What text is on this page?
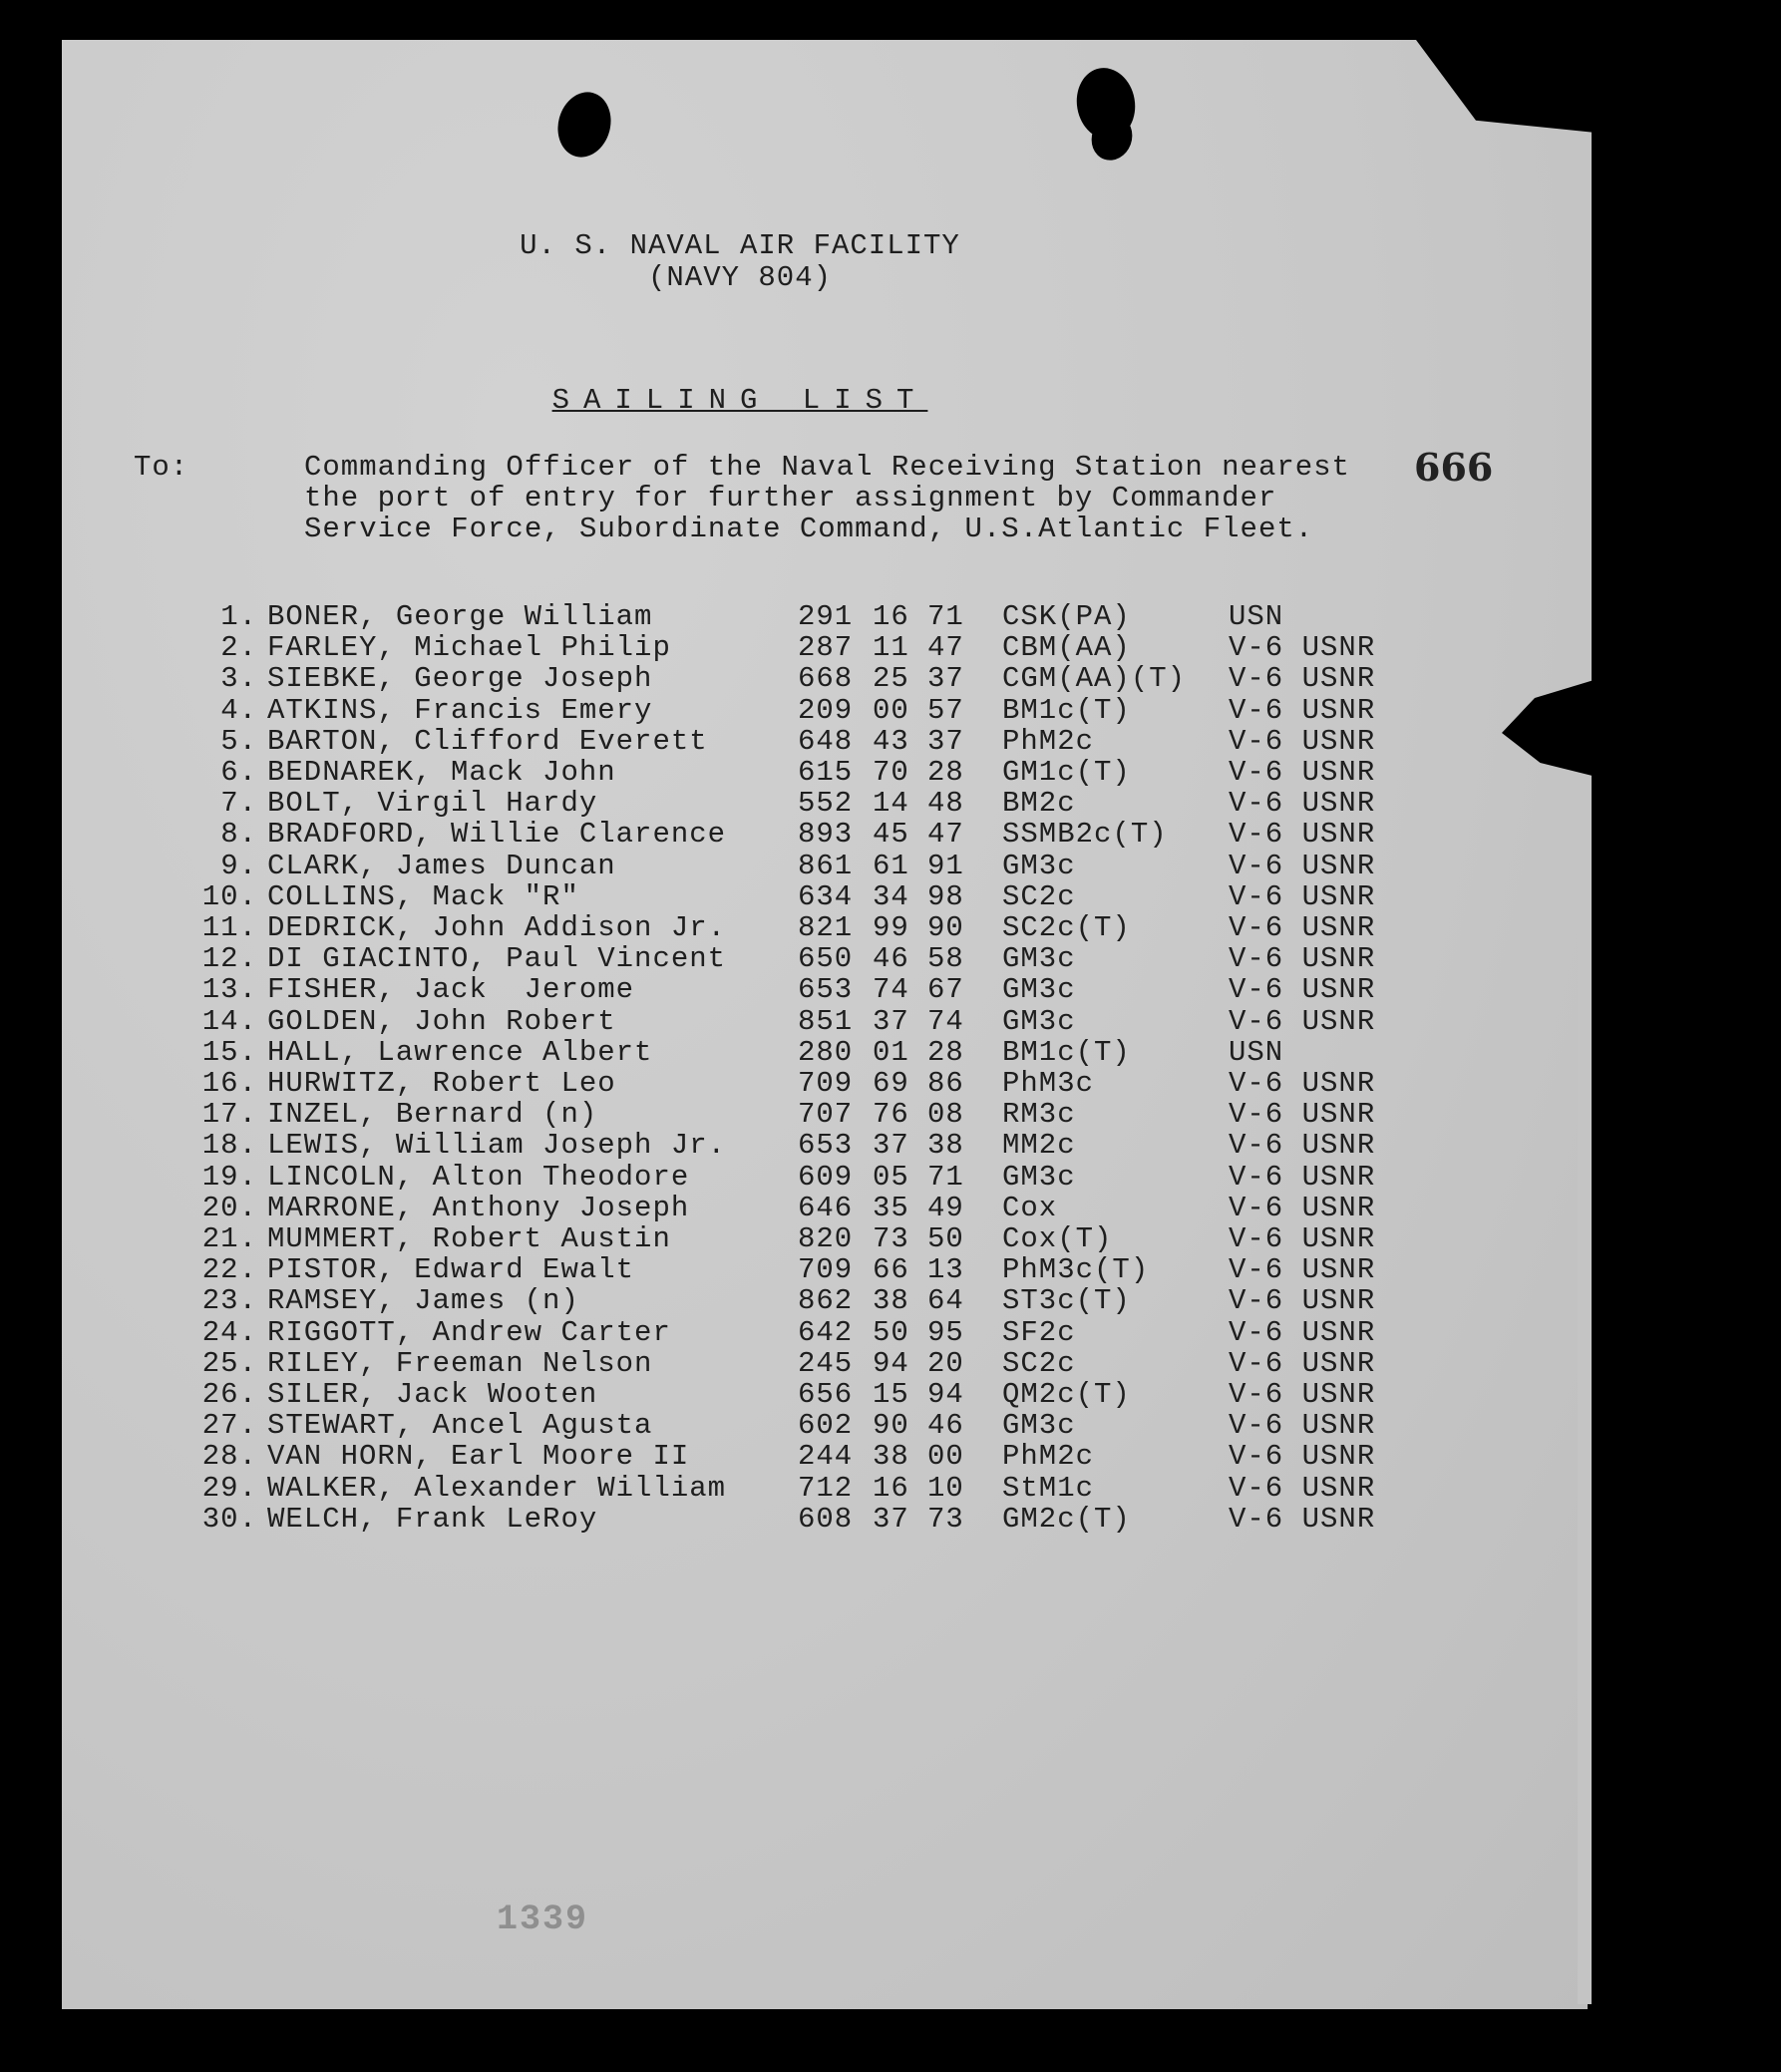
U. S. NAVAL AIR FACILITY
(NAVY 804)
SAILING LIST
666
To:	Commanding Officer of the Naval Receiving Station nearest
the port of entry for further assignment by Commander
Service Force, Subordinate Command, U.S.Atlantic Fleet.
1. BONER, George William	291 16 71 CSK(PA)	USN
2. FARLEY, Michael Philip	287 11 47 CBM(AA)	V-6 USNR
3. SIEBKE, George Joseph	668 25 37 CGM(AA)(T) V-6 USNR
4. ATKINS, Francis Emery	209 00 57 BM1c(T)	V-6 USNR
5. BARTON, Clifford Everett	648 43 37 PhM2c	V-6 USNR
6. BEDNAREK, Mack John	615 70 28 GM1c(T)	V-6 USNR
7. BOLT, Virgil Hardy	552 14 48 BM2c	V-6 USNR
8. BRADFORD, Willie Clarence 893 45 47 SSMB2c(T) V-6 USNR
9. CLARK, James Duncan	861 61 91 GM3c	V-6 USNR
10. COLLINS, Mack "R"	634 34 98 SC2c	V-6 USNR
11. DEDRICK, John Addison Jr. 821 99 90 SC2c(T)	V-6 USNR
12. DI GIACINTO, Paul Vincent 650 46 58 GM3c	V-6 USNR
13. FISHER, Jack  Jerome	653 74 67 GM3c	V-6 USNR
14. GOLDEN, John Robert	851 37 74 GM3c	V-6 USNR
15. HALL, Lawrence Albert	280 01 28 BM1c(T)	USN
16. HURWITZ, Robert Leo	709 69 86 PhM3c	V-6 USNR
17. INZEL, Bernard (n)	707 76 08 RM3c	V-6 USNR
18. LEWIS, William Joseph Jr. 653 37 38 MM2c	V-6 USNR
19. LINCOLN, Alton Theodore	609 05 71 GM3c	V-6 USNR
20. MARRONE, Anthony Joseph	646 35 49 Cox	V-6 USNR
21. MUMMERT, Robert Austin	820 73 50 Cox(T)	V-6 USNR
22. PISTOR, Edward Ewalt	709 66 13 PhM3c(T)	V-6 USNR
23. RAMSEY, James (n)	862 38 64 ST3c(T)	V-6 USNR
24. RIGGOTT, Andrew Carter	642 50 95 SF2c	V-6 USNR
25. RILEY, Freeman Nelson	245 94 20 SC2c	V-6 USNR
26. SILER, Jack Wooten	656 15 94 QM2c(T)	V-6 USNR
27. STEWART, Ancel Agusta	602 90 46 GM3c	V-6 USNR
28. VAN HORN, Earl Moore II	244 38 00 PhM2c	V-6 USNR
29. WALKER, Alexander William 712 16 10 StM1c	V-6 USNR
30. WELCH, Frank LeRoy	608 37 73 GM2c(T)	V-6 USNR
1339
